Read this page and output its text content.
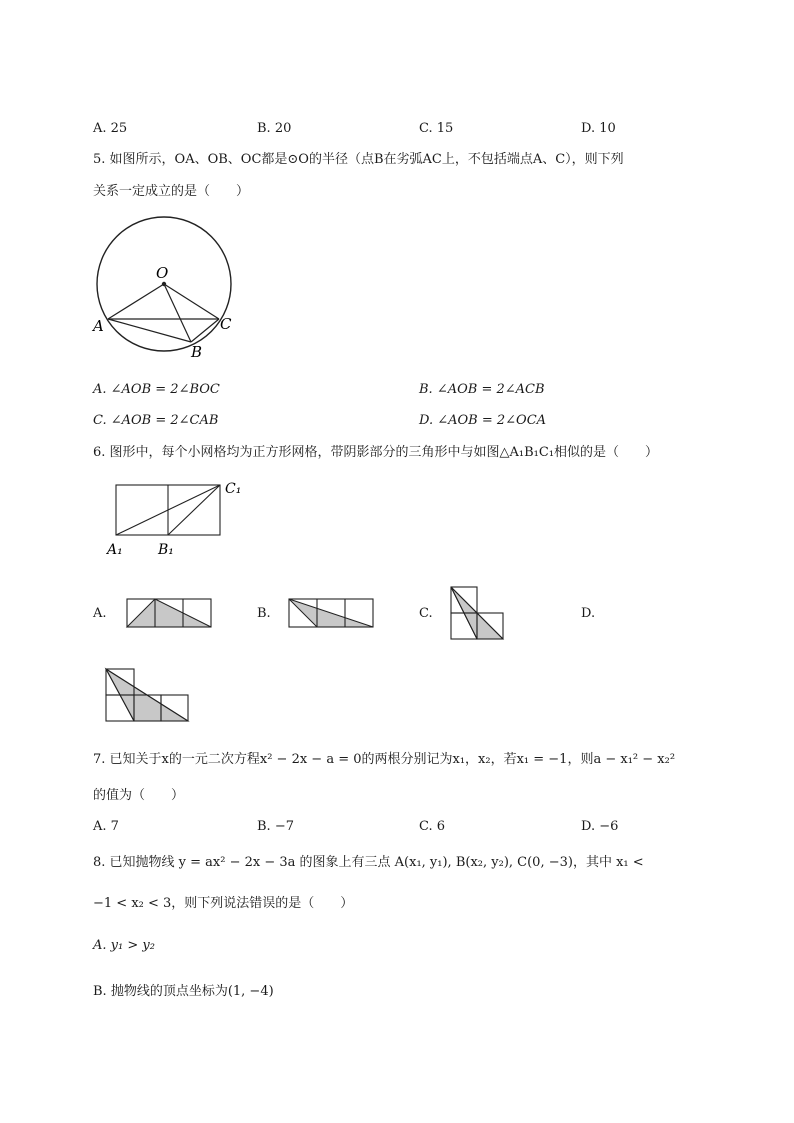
A. 25	B. 20	C. 15	D. 10
5. 如图所示，OA、OB、OC都是⊙O的半径（点B在劣弧AC上，不包括端点A、C），则下列
关系一定成立的是（　　）
O
A	C
B
A. ∠AOB = 2∠BOC	B. ∠AOB = 2∠ACB
C. ∠AOB = 2∠CAB	D. ∠AOB = 2∠OCA
6. 图形中，每个小网格均为正方形网格，带阴影部分的三角形中与如图△A₁B₁C₁相似的是（　　）
C₁
A₁	B₁
A.	B.	C.	D.
7. 已知关于x的一元二次方程x² − 2x − a = 0的两根分别记为x₁，x₂，若x₁ = −1，则a − x₁² − x₂²
的值为（　　）
A. 7	B. −7	C. 6	D. −6
8. 已知抛物线 y = ax² − 2x − 3a 的图象上有三点 A(x₁, y₁), B(x₂, y₂), C(0, −3)，其中 x₁ <
−1 < x₂ < 3，则下列说法错误的是（　　）
A. y₁ > y₂
B. 抛物线的顶点坐标为(1, −4)
